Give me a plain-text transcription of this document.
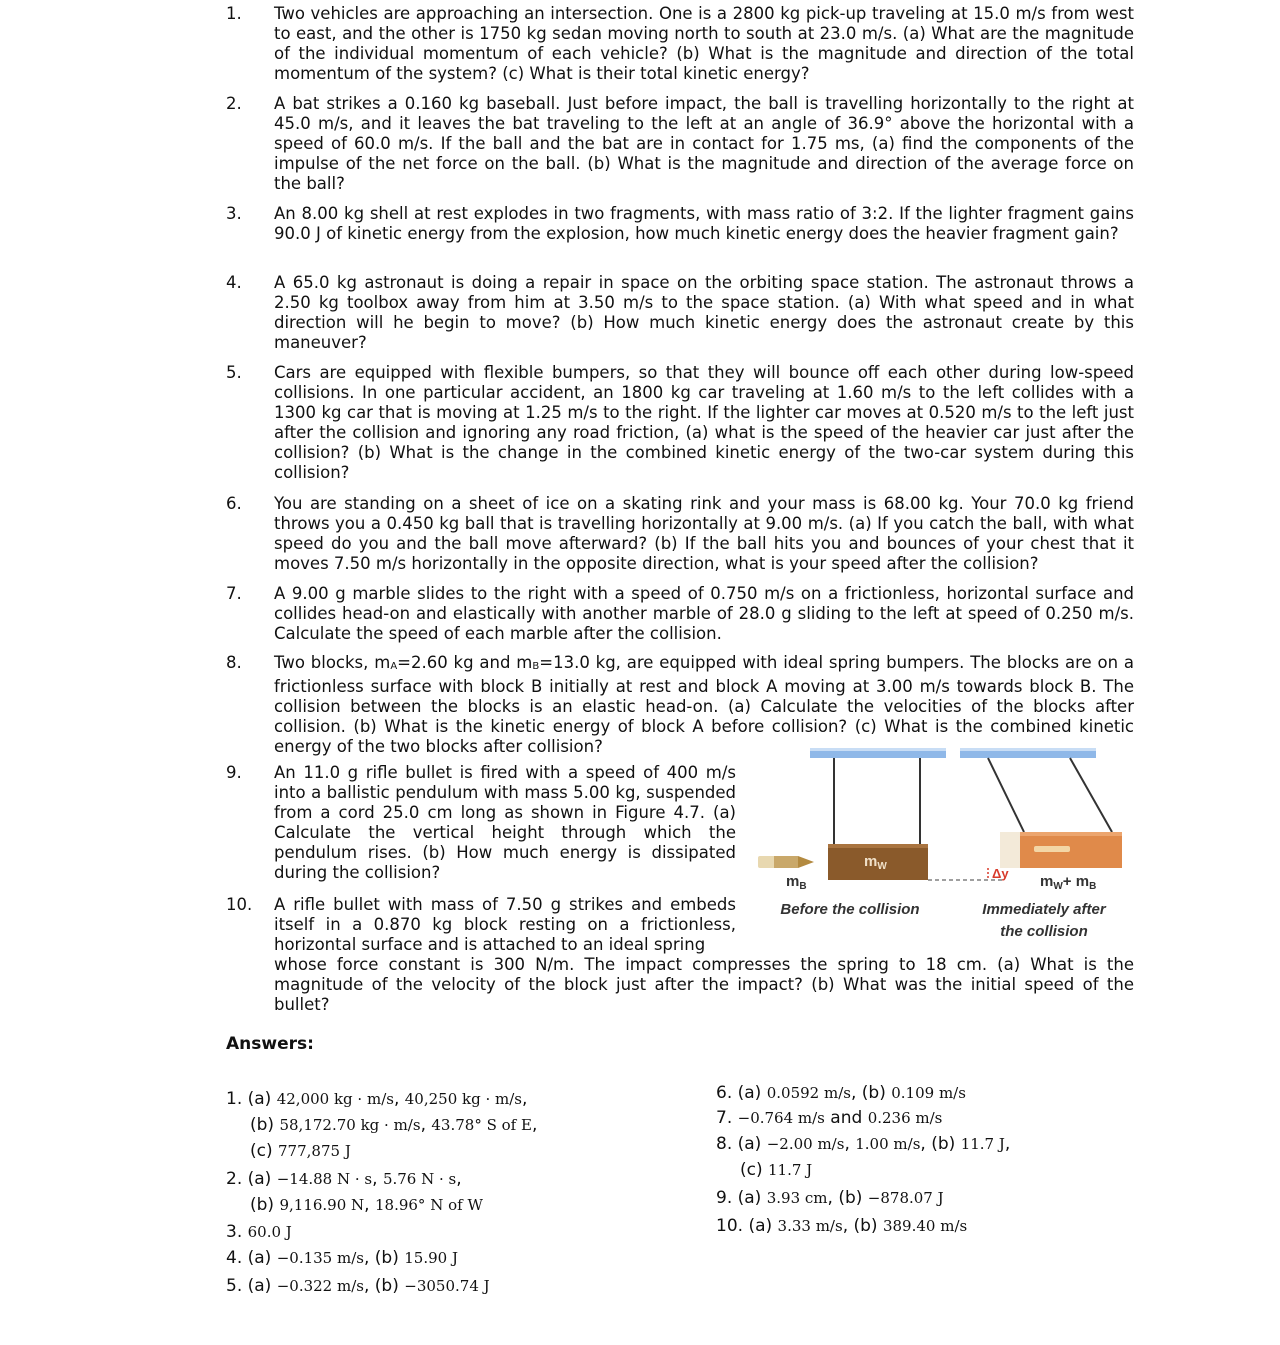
1.	Two vehicles are approaching an intersection. One is a 2800 kg pick-up traveling at 15.0 m/s from west to east, and the other is 1750 kg sedan moving north to south at 23.0 m/s. (a) What are the magnitude of the individual momentum of each vehicle? (b) What is the magnitude and direction of the total momentum of the system? (c) What is their total kinetic energy?
2.	A bat strikes a 0.160 kg baseball. Just before impact, the ball is travelling horizontally to the right at 45.0 m/s, and it leaves the bat traveling to the left at an angle of 36.9° above the horizontal with a speed of 60.0 m/s. If the ball and the bat are in contact for 1.75 ms, (a) find the components of the impulse of the net force on the ball. (b) What is the magnitude and direction of the average force on the ball?
3.	An 8.00 kg shell at rest explodes in two fragments, with mass ratio of 3:2. If the lighter fragment gains 90.0 J of kinetic energy from the explosion, how much kinetic energy does the heavier fragment gain?
4.	A 65.0 kg astronaut is doing a repair in space on the orbiting space station. The astronaut throws a 2.50 kg toolbox away from him at 3.50 m/s to the space station. (a) With what speed and in what direction will he begin to move? (b) How much kinetic energy does the astronaut create by this maneuver?
5.	Cars are equipped with flexible bumpers, so that they will bounce off each other during low-speed collisions. In one particular accident, an 1800 kg car traveling at 1.60 m/s to the left collides with a 1300 kg car that is moving at 1.25 m/s to the right. If the lighter car moves at 0.520 m/s to the left just after the collision and ignoring any road friction, (a) what is the speed of the heavier car just after the collision? (b) What is the change in the combined kinetic energy of the two-car system during this collision?
6.	You are standing on a sheet of ice on a skating rink and your mass is 68.00 kg. Your 70.0 kg friend throws you a 0.450 kg ball that is travelling horizontally at 9.00 m/s. (a) If you catch the ball, with what speed do you and the ball move afterward? (b) If the ball hits you and bounces of your chest that it moves 7.50 m/s horizontally in the opposite direction, what is your speed after the collision?
7.	A 9.00 g marble slides to the right with a speed of 0.750 m/s on a frictionless, horizontal surface and collides head-on and elastically with another marble of 28.0 g sliding to the left at speed of 0.250 m/s. Calculate the speed of each marble after the collision.
8.	Two blocks, mA=2.60 kg and mB=13.0 kg, are equipped with ideal spring bumpers. The blocks are on a frictionless surface with block B initially at rest and block A moving at 3.00 m/s towards block B. The collision between the blocks is an elastic head-on. (a) Calculate the velocities of the blocks after collision. (b) What is the kinetic energy of block A before collision? (c) What is the combined kinetic energy of the two blocks after collision?
9.	An 11.0 g rifle bullet is fired with a speed of 400 m/s into a ballistic pendulum with mass 5.00 kg, suspended from a cord 25.0 cm long as shown in Figure 4.7. (a) Calculate the vertical height through which the pendulum rises. (b) How much energy is dissipated during the collision?
10.	A rifle bullet with mass of 7.50 g strikes and embeds itself in a 0.870 kg block resting on a frictionless, horizontal surface and is attached to an ideal spring
whose force constant is 300 N/m. The impact compresses the spring to 18 cm. (a) What is the magnitude of the velocity of the block just after the impact? (b) What was the initial speed of the bullet?
$m_W$
$m_B$
Δy $m_W+ m_B$
Before the collision	Immediately after
the collision
Answers:
1. (a) 42,000 kg · m/s, 40,250 kg · m/s,
(b) 58,172.70 kg · m/s, 43.78° S of E,
(c) 777,875 J
2. (a) −14.88 N · s, 5.76 N · s,
(b) 9,116.90 N, 18.96° N of W
3. 60.0 J
4. (a) −0.135 m/s, (b) 15.90 J
5. (a) −0.322 m/s, (b) −3050.74 J
6. (a) 0.0592 m/s, (b) 0.109 m/s
7. −0.764 m/s and 0.236 m/s
8. (a) −2.00 m/s, 1.00 m/s, (b) 11.7 J,
(c) 11.7 J
9. (a) 3.93 cm, (b) −878.07 J
10. (a) 3.33 m/s, (b) 389.40 m/s
